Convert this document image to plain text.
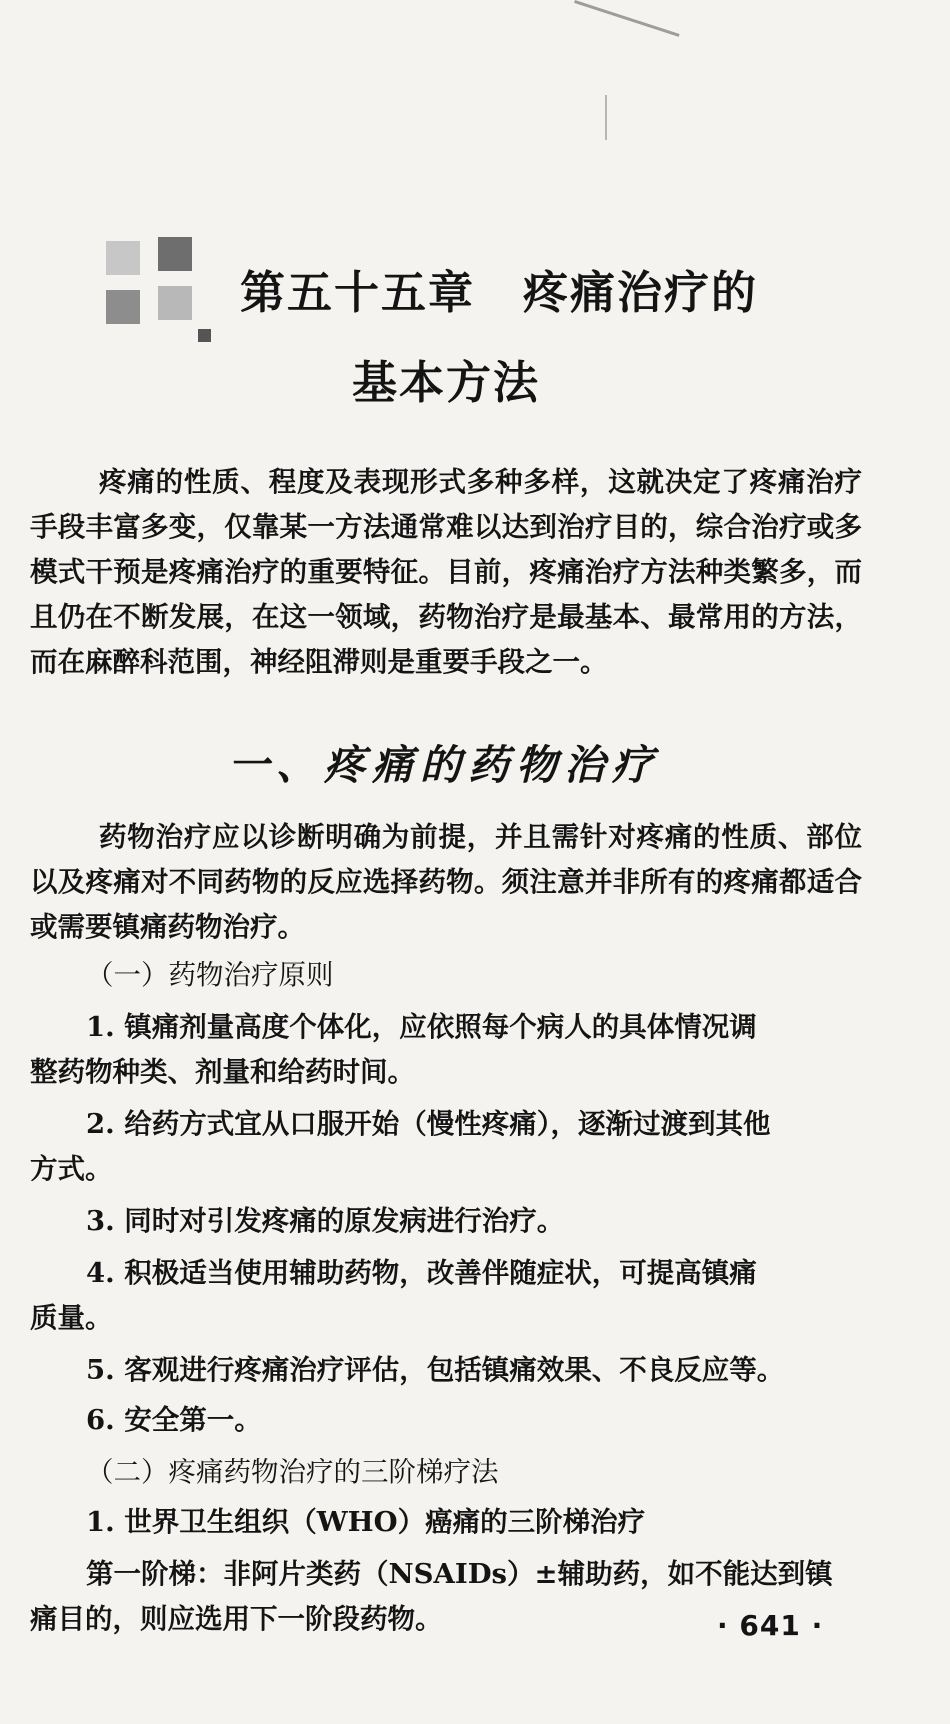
第五十五章 疼痛治疗的
基本方法

疼痛的性质、程度及表现形式多种多样，这就决定了疼痛治疗手段丰富多变，仅靠某一方法通常难以达到治疗目的，综合治疗或多模式干预是疼痛治疗的重要特征。目前，疼痛治疗方法种类繁多，而且仍在不断发展，在这一领域，药物治疗是最基本、最常用的方法，而在麻醉科范围，神经阻滞则是重要手段之一。

一、疼痛的药物治疗

药物治疗应以诊断明确为前提，并且需针对疼痛的性质、部位以及疼痛对不同药物的反应选择药物。须注意并非所有的疼痛都适合或需要镇痛药物治疗。

（一）药物治疗原则
1. 镇痛剂量高度个体化，应依照每个病人的具体情况调
整药物种类、剂量和给药时间。
2. 给药方式宜从口服开始（慢性疼痛），逐渐过渡到其他
方式。
3. 同时对引发疼痛的原发病进行治疗。
4. 积极适当使用辅助药物，改善伴随症状，可提高镇痛
质量。
5. 客观进行疼痛治疗评估，包括镇痛效果、不良反应等。
6. 安全第一。
（二）疼痛药物治疗的三阶梯疗法
1. 世界卫生组织（WHO）癌痛的三阶梯治疗
第一阶梯：非阿片类药（NSAIDs）±辅助药，如不能达到镇
痛目的，则应选用下一阶段药物。	· 641 ·
